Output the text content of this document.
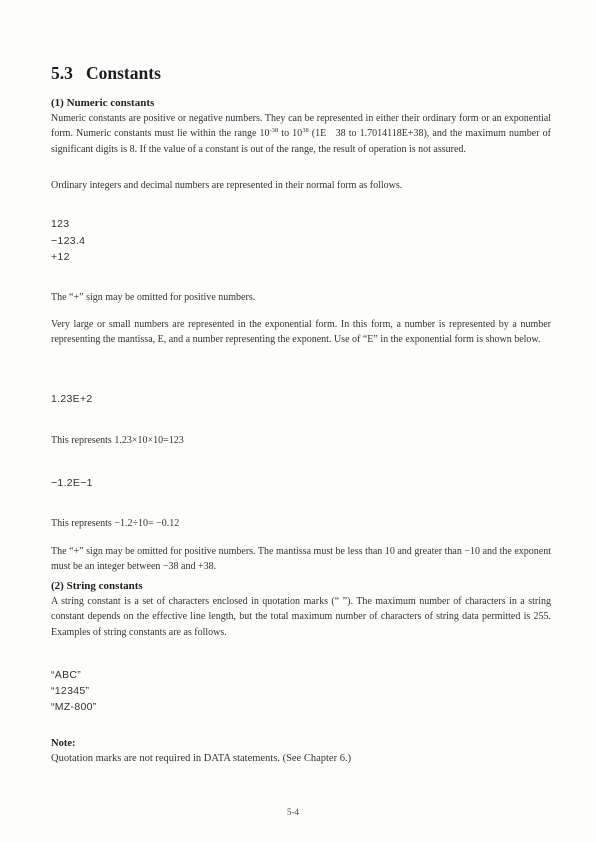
5.3 Constants
(1) Numeric constants
Numeric constants are positive or negative numbers. They can be represented in either their ordinary form or an exponential form. Numeric constants must lie within the range $10^{-38}$ to $10^{38}$ (1E   38 to 1.7014118E+38), and the maximum number of significant digits is 8. If the value of a constant is out of the range, the result of operation is not assured.
Ordinary integers and decimal numbers are represented in their normal form as follows.
123
−123.4
+12
The “+” sign may be omitted for positive numbers.
Very large or small numbers are represented in the exponential form. In this form, a number is represented by a number representing the mantissa, E, and a number representing the exponent. Use of “E” in the exponential form is shown below.
1.23E+2
This represents 1.23×10×10=123
−1.2E−1
This represents −1.2÷10= −0.12
The “+” sign may be omitted for positive numbers. The mantissa must be less than 10 and greater than −10 and the exponent must be an integer between −38 and +38.
(2) String constants
A string constant is a set of characters enclosed in quotation marks (“ ”). The maximum number of characters in a string constant depends on the effective line length, but the total maximum number of characters of string data permitted is 255. Examples of string constants are as follows.
“ABC”
“12345”
“MZ-800”
Note:
Quotation marks are not required in DATA statements. (See Chapter 6.)
5-4
